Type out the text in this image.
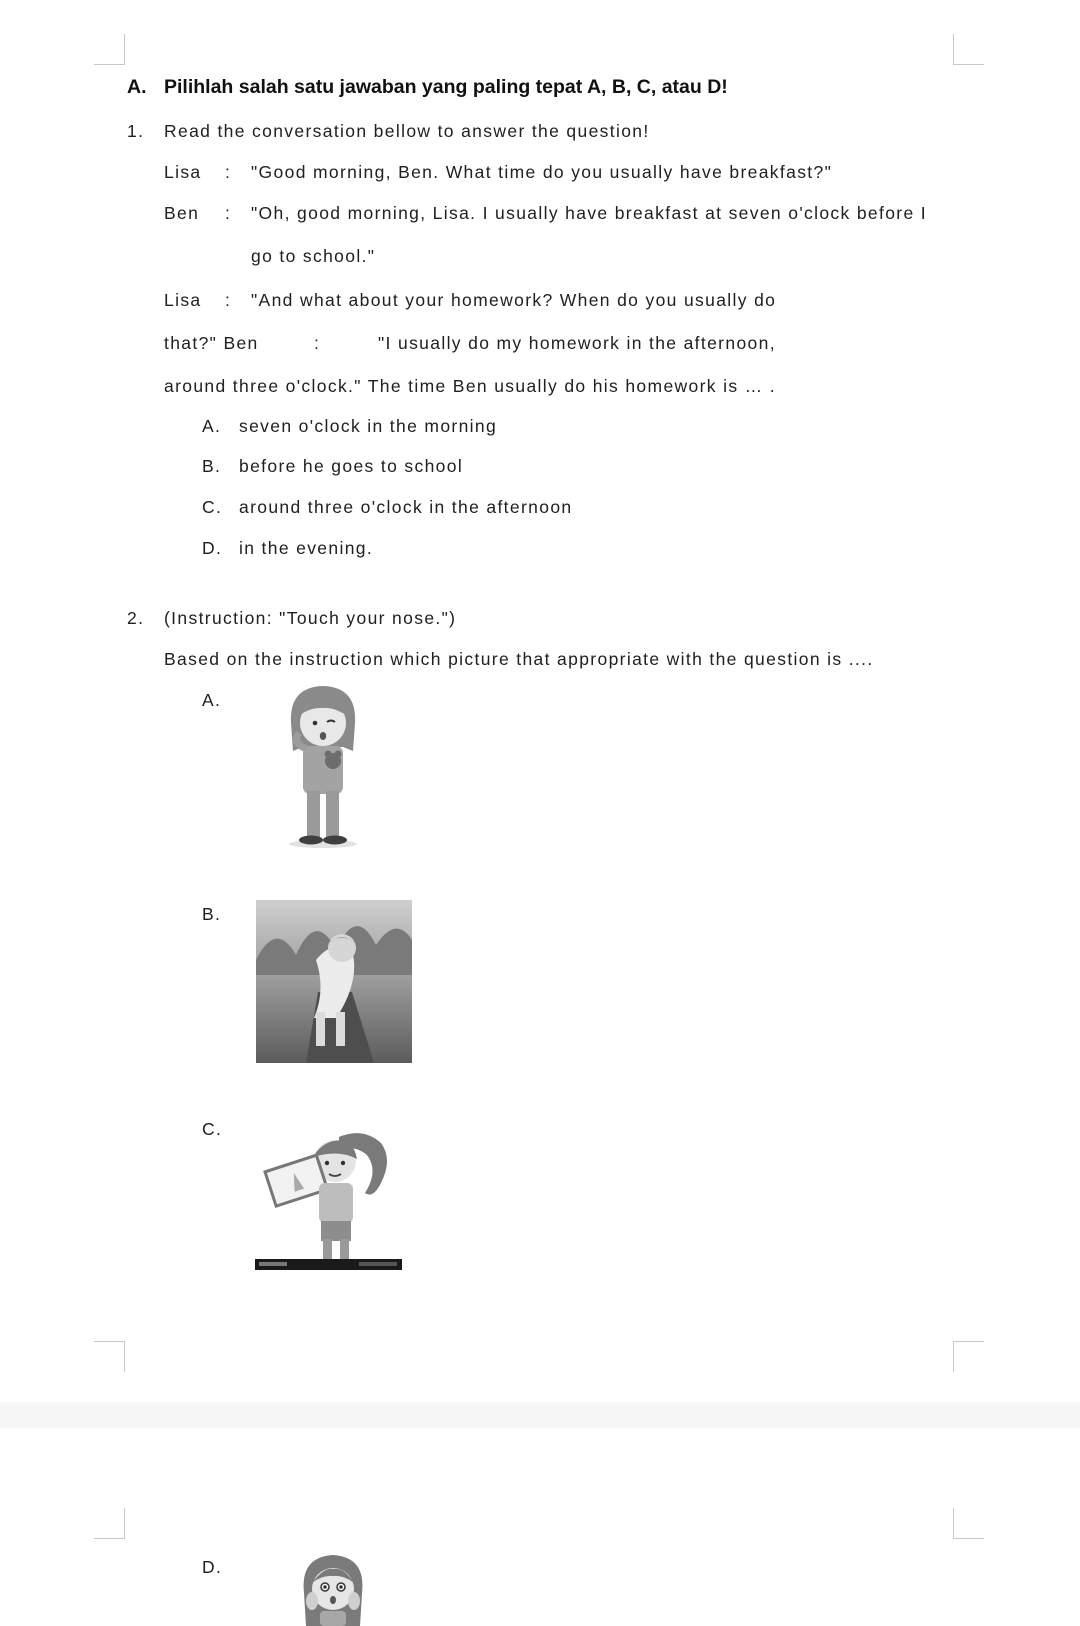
A. Pilihlah salah satu jawaban yang paling tepat A, B, C, atau D!
1. Read the conversation bellow to answer the question!
Lisa : "Good morning, Ben. What time do you usually have breakfast?"
Ben : "Oh, good morning, Lisa. I usually have breakfast at seven o'clock before I
go to school."
Lisa : "And what about your homework? When do you usually do
that?" Ben	:	"I usually do my homework in the afternoon,
around three o'clock." The time Ben usually do his homework is … .
A. seven o'clock in the morning
B. before he goes to school
C. around three o'clock in the afternoon
D. in the evening.
2. (Instruction: "Touch your nose.")
Based on the instruction which picture that appropriate with the question is ....
A.
B.
C.
D.
